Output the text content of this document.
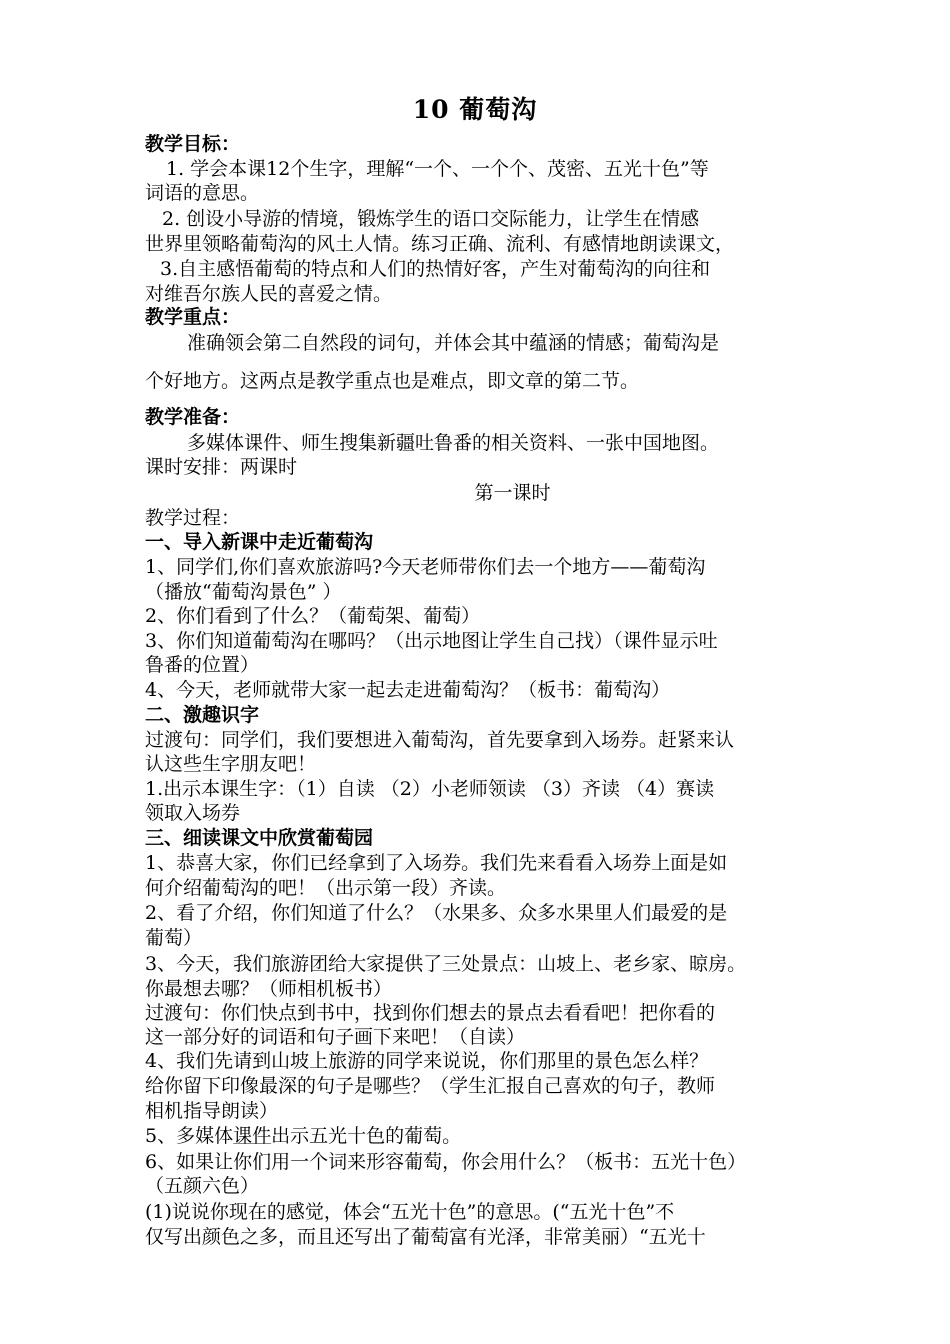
10 葡萄沟
教学目标：
1. 学会本课12个生字，理解“一个、一个个、茂密、五光十色”等
词语的意思。
2. 创设小导游的情境，锻炼学生的语口交际能力，让学生在情感
世界里领略葡萄沟的风土人情。练习正确、流利、有感情地朗读课文，
3.自主感悟葡萄的特点和人们的热情好客，产生对葡萄沟的向往和
对维吾尔族人民的喜爱之情。
教学重点：
准确领会第二自然段的词句，并体会其中蕴涵的情感；葡萄沟是
个好地方。这两点是教学重点也是难点，即文章的第二节。
教学准备：
多媒体课件、师生搜集新疆吐鲁番的相关资料、一张中国地图。
课时安排：两课时
第一课时
教学过程：
一、导入新课中走近葡萄沟
1、同学们,你们喜欢旅游吗?今天老师带你们去一个地方——葡萄沟
（播放“葡萄沟景色” ）
2、你们看到了什么？（葡萄架、葡萄）
3、你们知道葡萄沟在哪吗？（出示地图让学生自己找）（课件显示吐
鲁番的位置）
4、今天，老师就带大家一起去走进葡萄沟？（板书：葡萄沟）
二、激趣识字
过渡句：同学们，我们要想进入葡萄沟，首先要拿到入场券。赶紧来认
认这些生字朋友吧！
1.出示本课生字：（1）自读 （2）小老师领读 （3）齐读 （4）赛读
领取入场券
三、细读课文中欣赏葡萄园
1、恭喜大家，你们已经拿到了入场券。我们先来看看入场券上面是如
何介绍葡萄沟的吧！（出示第一段）齐读。
2、看了介绍，你们知道了什么？（水果多、众多水果里人们最爱的是
葡萄）
3、今天，我们旅游团给大家提供了三处景点：山坡上、老乡家、晾房。
你最想去哪？（师相机板书）
过渡句：你们快点到书中，找到你们想去的景点去看看吧！把你看的
这一部分好的词语和句子画下来吧！（自读）
4、我们先请到山坡上旅游的同学来说说，你们那里的景色怎么样？
给你留下印像最深的句子是哪些？（学生汇报自己喜欢的句子，教师
相机指导朗读）
5、多媒体课件出示五光十色的葡萄。
6、如果让你们用一个词来形容葡萄，你会用什么？（板书：五光十色）
（五颜六色）
(1)说说你现在的感觉，体会“五光十色”的意思。(“五光十色”不
仅写出颜色之多，而且还写出了葡萄富有光泽，非常美丽）“五光十
